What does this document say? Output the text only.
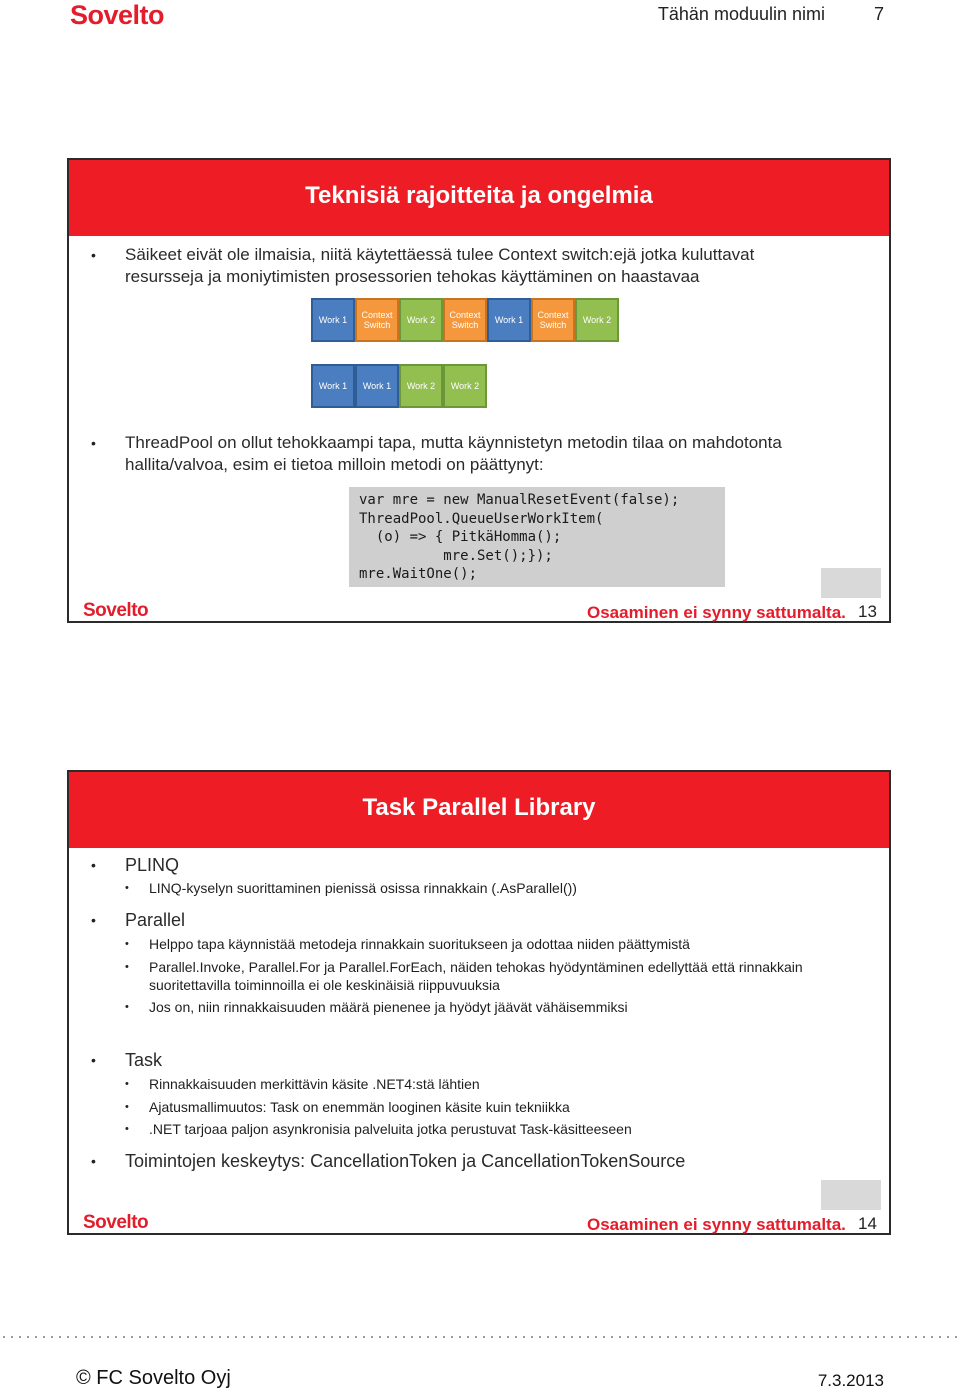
Sovelto	Tähän moduulin nimi	7
Teknisiä rajoitteita ja ongelmia
• Säikeet eivät ole ilmaisia, niitä käytettäessä tulee Context switch:ejä jotka kuluttavat resursseja ja moniytimisten prosessorien tehokas käyttäminen on haastavaa
Work 1	Context Switch	Work 2	Context Switch	Work 1	Context Switch	Work 2
Work 1	Work 1	Work 2	Work 2
• ThreadPool on ollut tehokkaampi tapa, mutta käynnistetyn metodin tilaa on mahdotonta hallita/valvoa, esim ei tietoa milloin metodi on päättynyt:
var mre = new ManualResetEvent(false);
ThreadPool.QueueUserWorkItem(
(o) => { PitkäHomma();
mre.Set();});
mre.WaitOne();
Sovelto	Osaaminen ei synny sattumalta. 13
Task Parallel Library
• PLINQ
• LINQ-kyselyn suorittaminen pienissä osissa rinnakkain (.AsParallel())
• Parallel
• Helppo tapa käynnistää metodeja rinnakkain suoritukseen ja odottaa niiden päättymistä
• Parallel.Invoke, Parallel.For ja Parallel.ForEach, näiden tehokas hyödyntäminen edellyttää että rinnakkain suoritettavilla toiminnoilla ei ole keskinäisiä riippuvuuksia
• Jos on, niin rinnakkaisuuden määrä pienenee ja hyödyt jäävät vähäisemmiksi
• Task
• Rinnakkaisuuden merkittävin käsite .NET4:stä lähtien
• Ajatusmallimuutos: Task on enemmän looginen käsite kuin tekniikka
• .NET tarjoaa paljon asynkronisia palveluita jotka perustuvat Task-käsitteeseen
• Toimintojen keskeytys: CancellationToken ja CancellationTokenSource
Sovelto	Osaaminen ei synny sattumalta. 14
© FC Sovelto Oyj	7.3.2013
